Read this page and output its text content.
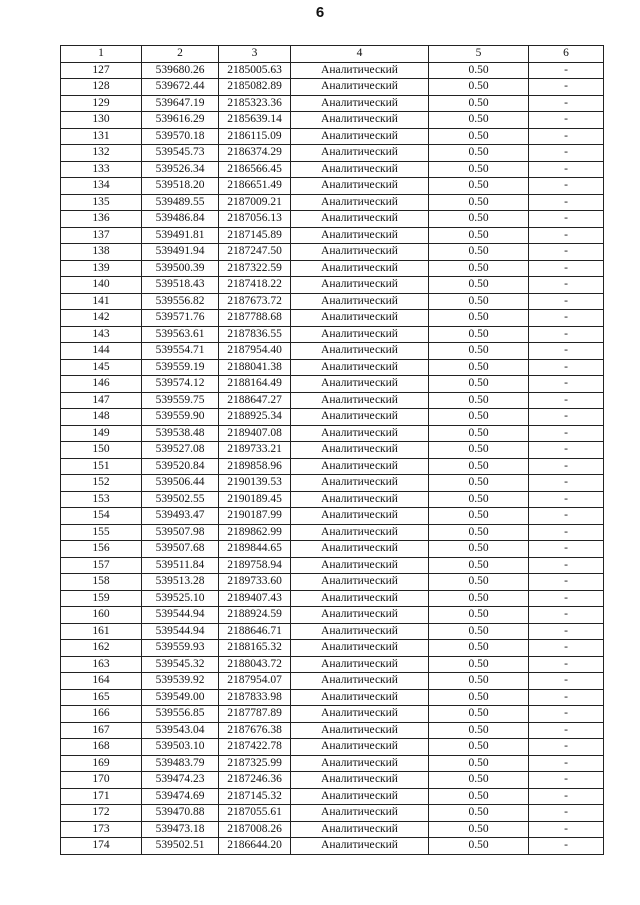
6
1	2	3	4	5	6
127	539680.26	2185005.63	Аналитический	0.50	-
128	539672.44	2185082.89	Аналитический	0.50	-
129	539647.19	2185323.36	Аналитический	0.50	-
130	539616.29	2185639.14	Аналитический	0.50	-
131	539570.18	2186115.09	Аналитический	0.50	-
132	539545.73	2186374.29	Аналитический	0.50	-
133	539526.34	2186566.45	Аналитический	0.50	-
134	539518.20	2186651.49	Аналитический	0.50	-
135	539489.55	2187009.21	Аналитический	0.50	-
136	539486.84	2187056.13	Аналитический	0.50	-
137	539491.81	2187145.89	Аналитический	0.50	-
138	539491.94	2187247.50	Аналитический	0.50	-
139	539500.39	2187322.59	Аналитический	0.50	-
140	539518.43	2187418.22	Аналитический	0.50	-
141	539556.82	2187673.72	Аналитический	0.50	-
142	539571.76	2187788.68	Аналитический	0.50	-
143	539563.61	2187836.55	Аналитический	0.50	-
144	539554.71	2187954.40	Аналитический	0.50	-
145	539559.19	2188041.38	Аналитический	0.50	-
146	539574.12	2188164.49	Аналитический	0.50	-
147	539559.75	2188647.27	Аналитический	0.50	-
148	539559.90	2188925.34	Аналитический	0.50	-
149	539538.48	2189407.08	Аналитический	0.50	-
150	539527.08	2189733.21	Аналитический	0.50	-
151	539520.84	2189858.96	Аналитический	0.50	-
152	539506.44	2190139.53	Аналитический	0.50	-
153	539502.55	2190189.45	Аналитический	0.50	-
154	539493.47	2190187.99	Аналитический	0.50	-
155	539507.98	2189862.99	Аналитический	0.50	-
156	539507.68	2189844.65	Аналитический	0.50	-
157	539511.84	2189758.94	Аналитический	0.50	-
158	539513.28	2189733.60	Аналитический	0.50	-
159	539525.10	2189407.43	Аналитический	0.50	-
160	539544.94	2188924.59	Аналитический	0.50	-
161	539544.94	2188646.71	Аналитический	0.50	-
162	539559.93	2188165.32	Аналитический	0.50	-
163	539545.32	2188043.72	Аналитический	0.50	-
164	539539.92	2187954.07	Аналитический	0.50	-
165	539549.00	2187833.98	Аналитический	0.50	-
166	539556.85	2187787.89	Аналитический	0.50	-
167	539543.04	2187676.38	Аналитический	0.50	-
168	539503.10	2187422.78	Аналитический	0.50	-
169	539483.79	2187325.99	Аналитический	0.50	-
170	539474.23	2187246.36	Аналитический	0.50	-
171	539474.69	2187145.32	Аналитический	0.50	-
172	539470.88	2187055.61	Аналитический	0.50	-
173	539473.18	2187008.26	Аналитический	0.50	-
174	539502.51	2186644.20	Аналитический	0.50	-
